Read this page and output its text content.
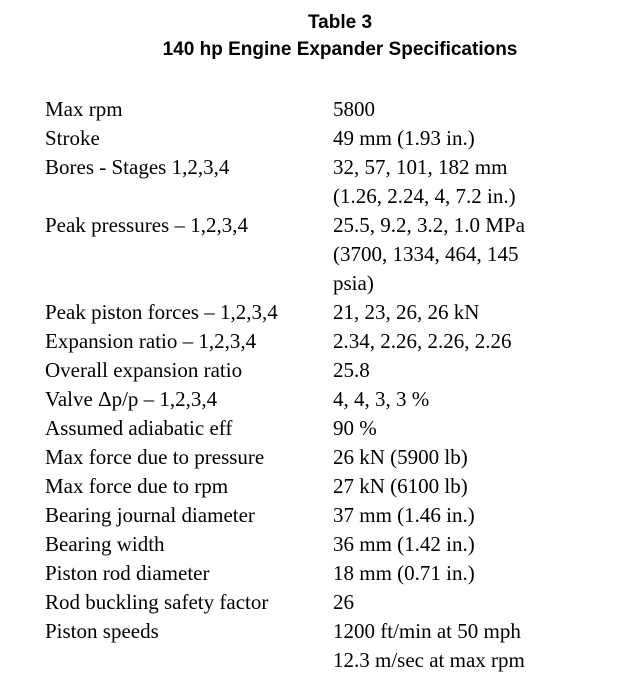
Table 3
140 hp Engine Expander Specifications
Max rpm	5800

Stroke	49 mm (1.93 in.)

Bores - Stages 1,2,3,4	32, 57, 101, 182 mm
(1.26, 2.24, 4, 7.2 in.)

Peak pressures – 1,2,3,4	25.5, 9.2, 3.2, 1.0 MPa
(3700, 1334, 464, 145
psia)

Peak piston forces – 1,2,3,4	21, 23, 26, 26 kN

Expansion ratio – 1,2,3,4	2.34, 2.26, 2.26, 2.26

Overall expansion ratio	25.8

Valve Δp/p – 1,2,3,4	4, 4, 3, 3 %

Assumed adiabatic eff	90 %

Max force due to pressure	26 kN (5900 lb)

Max force due to rpm	27 kN (6100 lb)

Bearing journal diameter	37 mm (1.46 in.)

Bearing width	36 mm (1.42 in.)

Piston rod diameter	18 mm (0.71 in.)

Rod buckling safety factor	26

Piston speeds	1200 ft/min at 50 mph
12.3 m/sec at max rpm
